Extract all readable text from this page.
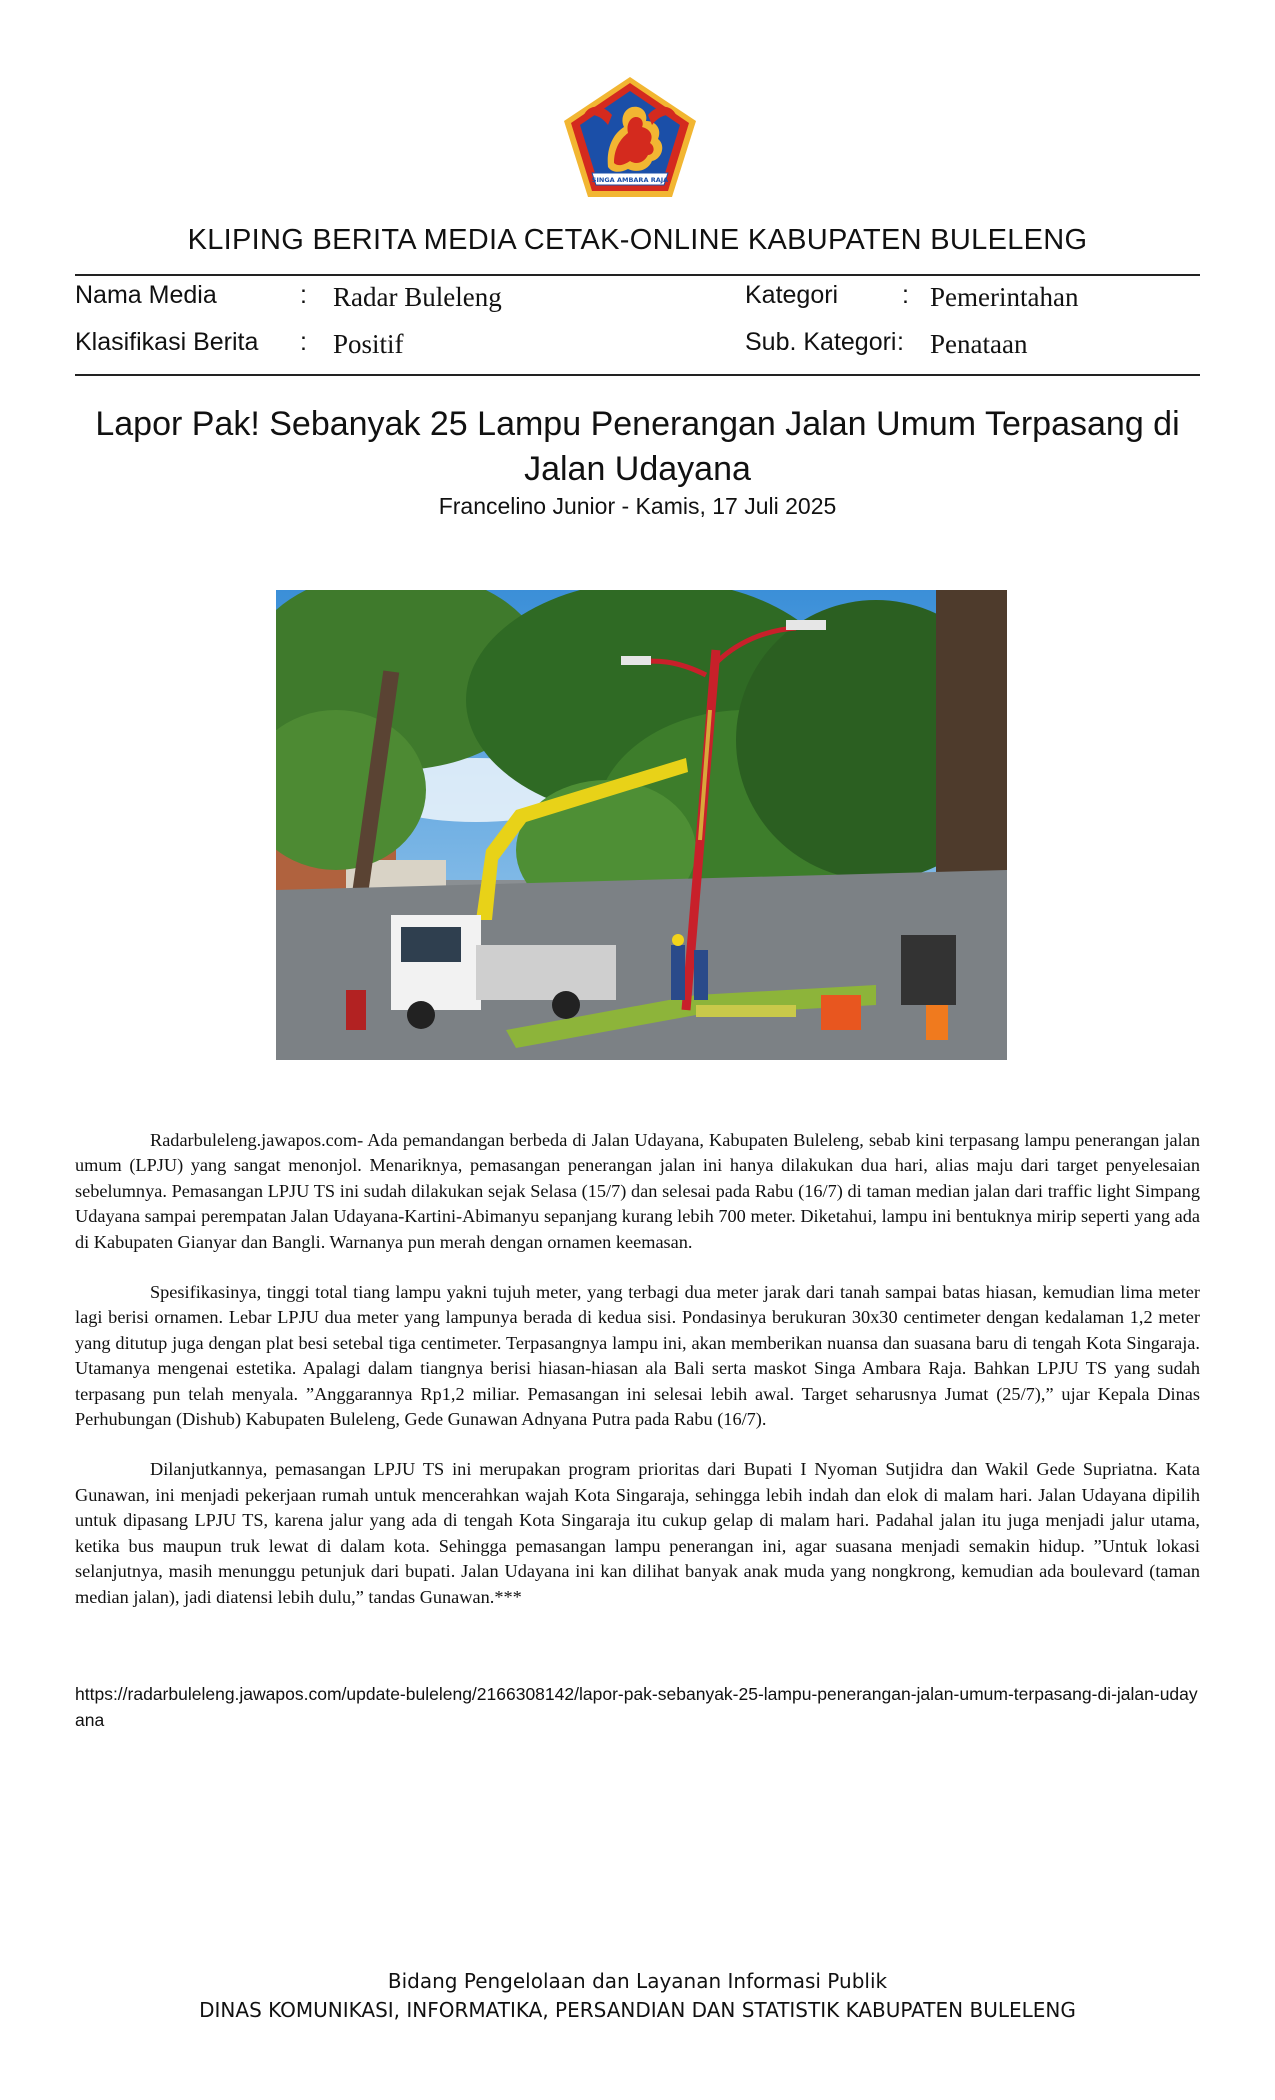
SINGA AMBARA RAJA
KLIPING BERITA MEDIA CETAK-ONLINE KABUPATEN BULELENG
Nama Media	: Radar Buleleng	Kategori	: Pemerintahan
Klasifikasi Berita : Positif	Sub. Kategori : Penataan
Lapor Pak! Sebanyak 25 Lampu Penerangan Jalan Umum Terpasang di Jalan Udayana
Francelino Junior - Kamis, 17 Juli 2025

Radarbuleleng.jawapos.com- Ada pemandangan berbeda di Jalan Udayana, Kabupaten Buleleng, sebab kini terpasang lampu penerangan jalan umum (LPJU) yang sangat menonjol. Menariknya, pemasangan penerangan jalan ini hanya dilakukan dua hari, alias maju dari target penyelesaian sebelumnya. Pemasangan LPJU TS ini sudah dilakukan sejak Selasa (15/7) dan selesai pada Rabu (16/7) di taman median jalan dari traffic light Simpang Udayana sampai perempatan Jalan Udayana-Kartini-Abimanyu sepanjang kurang lebih 700 meter. Diketahui, lampu ini bentuknya mirip seperti yang ada di Kabupaten Gianyar dan Bangli. Warnanya pun merah dengan ornamen keemasan.

Spesifikasinya, tinggi total tiang lampu yakni tujuh meter, yang terbagi dua meter jarak dari tanah sampai batas hiasan, kemudian lima meter lagi berisi ornamen. Lebar LPJU dua meter yang lampunya berada di kedua sisi. Pondasinya berukuran 30x30 centimeter dengan kedalaman 1,2 meter yang ditutup juga dengan plat besi setebal tiga centimeter. Terpasangnya lampu ini, akan memberikan nuansa dan suasana baru di tengah Kota Singaraja. Utamanya mengenai estetika. Apalagi dalam tiangnya berisi hiasan-hiasan ala Bali serta maskot Singa Ambara Raja. Bahkan LPJU TS yang sudah terpasang pun telah menyala. ”Anggarannya Rp1,2 miliar. Pemasangan ini selesai lebih awal. Target seharusnya Jumat (25/7),” ujar Kepala Dinas Perhubungan (Dishub) Kabupaten Buleleng, Gede Gunawan Adnyana Putra pada Rabu (16/7).

Dilanjutkannya, pemasangan LPJU TS ini merupakan program prioritas dari Bupati I Nyoman Sutjidra dan Wakil Gede Supriatna. Kata Gunawan, ini menjadi pekerjaan rumah untuk mencerahkan wajah Kota Singaraja, sehingga lebih indah dan elok di malam hari. Jalan Udayana dipilih untuk dipasang LPJU TS, karena jalur yang ada di tengah Kota Singaraja itu cukup gelap di malam hari. Padahal jalan itu juga menjadi jalur utama, ketika bus maupun truk lewat di dalam kota. Sehingga pemasangan lampu penerangan ini, agar suasana menjadi semakin hidup. ”Untuk lokasi selanjutnya, masih menunggu petunjuk dari bupati. Jalan Udayana ini kan dilihat banyak anak muda yang nongkrong, kemudian ada boulevard (taman median jalan), jadi diatensi lebih dulu,” tandas Gunawan.***

https://radarbuleleng.jawapos.com/update-buleleng/2166308142/lapor-pak-sebanyak-25-lampu-penerangan-jalan-umum-terpasang-di-jalan-udayana
Bidang Pengelolaan dan Layanan Informasi Publik
DINAS KOMUNIKASI, INFORMATIKA, PERSANDIAN DAN STATISTIK KABUPATEN BULELENG
